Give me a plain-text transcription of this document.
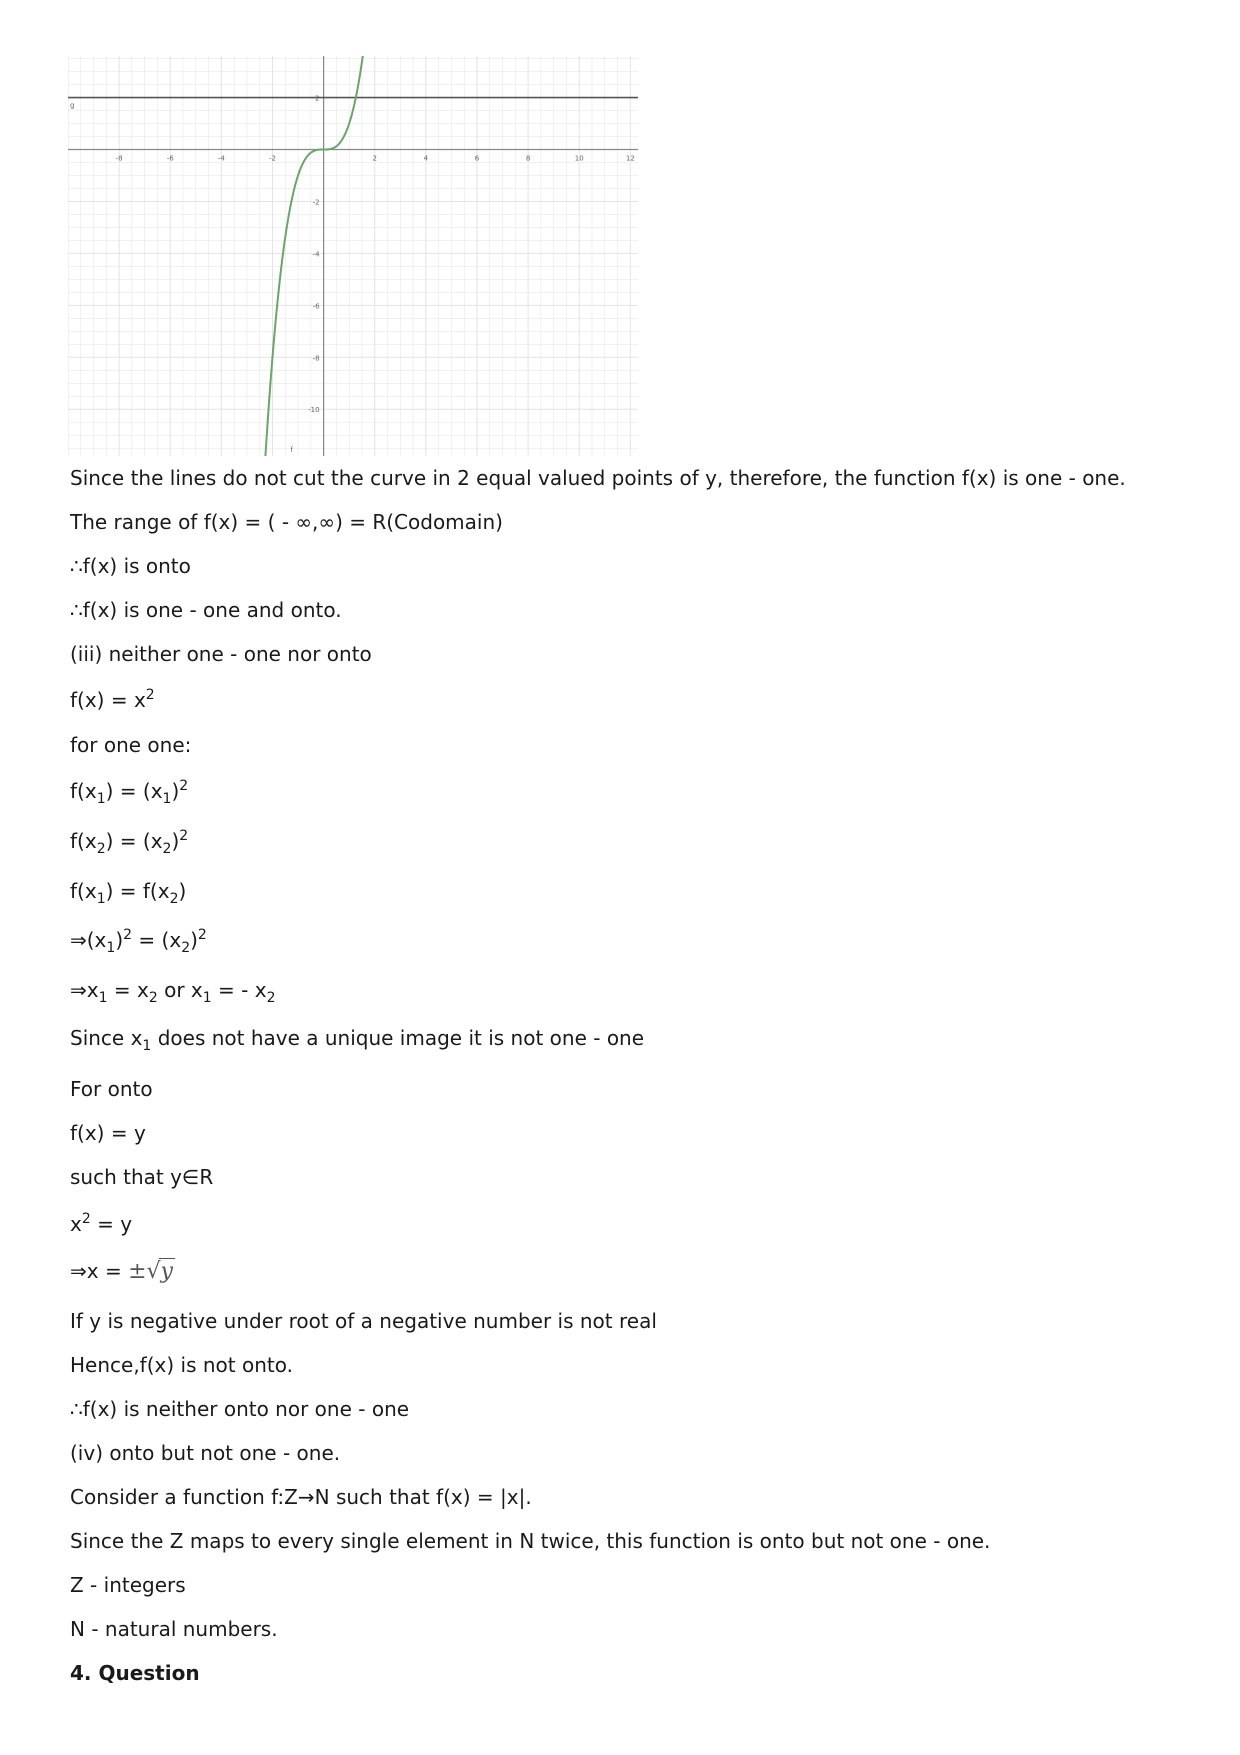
-8	-6	-4	-2	2	4	6	8	10	12
2
-2
-4
-6
-8
-10
g
f
Since the lines do not cut the curve in 2 equal valued points of y, therefore, the function f(x) is one - one.
The range of f(x) = ( - ∞,∞) = R(Codomain)
∴f(x) is onto
∴f(x) is one - one and onto.
(iii) neither one - one nor onto
$f(x) = x^2$
for one one:
$f(x_1) = (x_1)^2$
$f(x_2) = (x_2)^2$
$f(x_1) = f(x_2)$
$\Rightarrow(x_1)^2 = (x_2)^2$
$\Rightarrow x_1 = x_2$ or $x_1$ = - $x_2$
Since $x_1$ does not have a unique image it is not one - one
For onto
f(x) = y
such that y∈R
$x^2 = y$
⇒x = ±√y
If y is negative under root of a negative number is not real
Hence,f(x) is not onto.
∴f(x) is neither onto nor one - one
(iv) onto but not one - one.
Consider a function f:Z→N such that f(x) = |x|.
Since the Z maps to every single element in N twice, this function is onto but not one - one.
Z - integers
N - natural numbers.
4. Question
